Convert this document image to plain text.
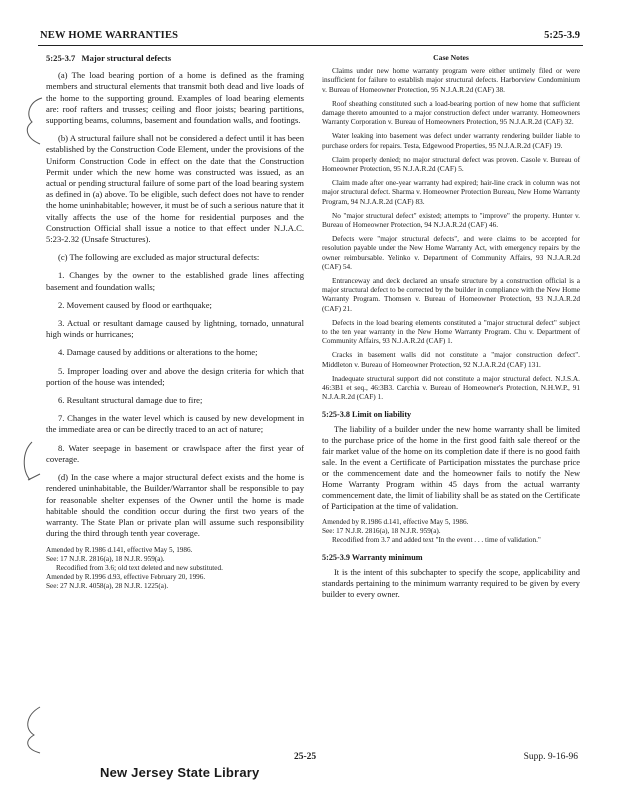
NEW HOME WARRANTIES	5:25-3.9
5:25-3.7 Major structural defects

(a) The load bearing portion of a home is defined as the framing members and structural elements that transmit both dead and live loads of the home to the supporting ground. Examples of load bearing elements are: roof rafters and trusses; ceiling and floor joists; bearing partitions, supporting beams, columns, basement and foundation walls, and footings.

(b) A structural failure shall not be considered a defect until it has been established by the Construction Code Element, under the provisions of the Uniform Construction Code in effect on the date that the Construction Permit under which the new home was constructed was issued, as an actual or pending structural failure of some part of the load bearing system as defined in (a) above. To be eligible, such defect does not have to render the home uninhabitable; however, it must be of such a serious nature that it vitally affects the use of the home for residential purposes and the Construction Official shall issue a notice to that effect under N.J.A.C. 5:23-2.32 (Unsafe Structures).

(c) The following are excluded as major structural defects:

1. Changes by the owner to the established grade lines affecting basement and foundation walls;

2. Movement caused by flood or earthquake;

3. Actual or resultant damage caused by lightning, tornado, unnatural high winds or hurricanes;

4. Damage caused by additions or alterations to the home;

5. Improper loading over and above the design criteria for which that portion of the house was intended;

6. Resultant structural damage due to fire;

7. Changes in the water level which is caused by new development in the immediate area or can be directly traced to an act of nature;

8. Water seepage in basement or crawlspace after the first year of coverage.

(d) In the case where a major structural defect exists and the home is rendered uninhabitable, the Builder/Warrantor shall be responsible to pay for reasonable shelter expenses of the Owner until the home is made habitable should the condition occur during the first two years of the warranty. The State Plan or private plan will assume such responsibility during the third through tenth year coverage.

Amended by R.1986 d.141, effective May 5, 1986.
See: 17 N.J.R. 2816(a), 18 N.J.R. 959(a).
Recodified from 3.6; old text deleted and new substituted.
Amended by R.1996 d.93, effective February 20, 1996.
See: 27 N.J.R. 4058(a), 28 N.J.R. 1225(a).
Case Notes

Claims under new home warranty program were either untimely filed or were insufficient for failure to establish major structural defects. Harborview Condominium v. Bureau of Homeowner Protection, 95 N.J.A.R.2d (CAF) 38.

Roof sheathing constituted such a load-bearing portion of new home that sufficient damage thereto amounted to a major construction defect under warranty. Homeowners Warranty Corporation v. Bureau of Homeowners Protection, 95 N.J.A.R.2d (CAF) 32.

Water leaking into basement was defect under warranty rendering builder liable to purchase orders for repairs. Testa, Edgewood Properties, 95 N.J.A.R.2d (CAF) 19.

Claim properly denied; no major structural defect was proven. Casole v. Bureau of Homeowner Protection, 95 N.J.A.R.2d (CAF) 5.

Claim made after one-year warranty had expired; hair-line crack in column was not major structural defect. Sharma v. Homeowner Protection Bureau, New Home Warranty Program, 94 N.J.A.R.2d (CAF) 83.

No "major structural defect" existed; attempts to "improve" the property. Hunter v. Bureau of Homeowner Protection, 94 N.J.A.R.2d (CAF) 46.

Defects were "major structural defects", and were claims to be accepted for resolution payable under the New Home Warranty Act, with emergency repairs by the owner reimbursable. Yelinko v. Department of Community Affairs, 93 N.J.A.R.2d (CAF) 54.

Entranceway and deck declared an unsafe structure by a construction official is a major structural defect to be corrected by the builder in compliance with the New Home Warranty Program. Thomsen v. Bureau of Homeowner Protection, 93 N.J.A.R.2d (CAF) 21.

Defects in the load bearing elements constituted a "major structural defect" subject to the ten year warranty in the New Home Warranty Program. Chu v. Department of Community Affairs, 93 N.J.A.R.2d (CAF) 1.

Cracks in basement walls did not constitute a "major construction defect". Middleton v. Bureau of Homeowner Protection, 92 N.J.A.R.2d (CAF) 131.

Inadequate structural support did not constitute a major structural defect. N.J.S.A. 46:3B1 et seq., 46:3B3. Carchia v. Bureau of Homeowner's Protection, N.H.W.P., 91 N.J.A.R.2d (CAF) 1.

5:25-3.8 Limit on liability

The liability of a builder under the new home warranty shall be limited to the purchase price of the home in the first good faith sale thereof or the fair market value of the home on its completion date if there is no good faith sale. In the event a Certificate of Participation misstates the purchase price or the commencement date and the homeowner fails to notify the New Home Warranty Program within 45 days from the actual warranty commencement date, the limit of liability shall be as stated on the Certificate of Participation at the time of validation.

Amended by R.1986 d.141, effective May 5, 1986.
See: 17 N.J.R. 2816(a), 18 N.J.R. 959(a).
Recodified from 3.7 and added text "In the event . . . time of validation."
5:25-3.9 Warranty minimum

It is the intent of this subchapter to specify the scope, applicability and standards pertaining to the minimum warranty required to be given by every builder to every owner.

25-25	Supp. 9-16-96
New Jersey State Library
